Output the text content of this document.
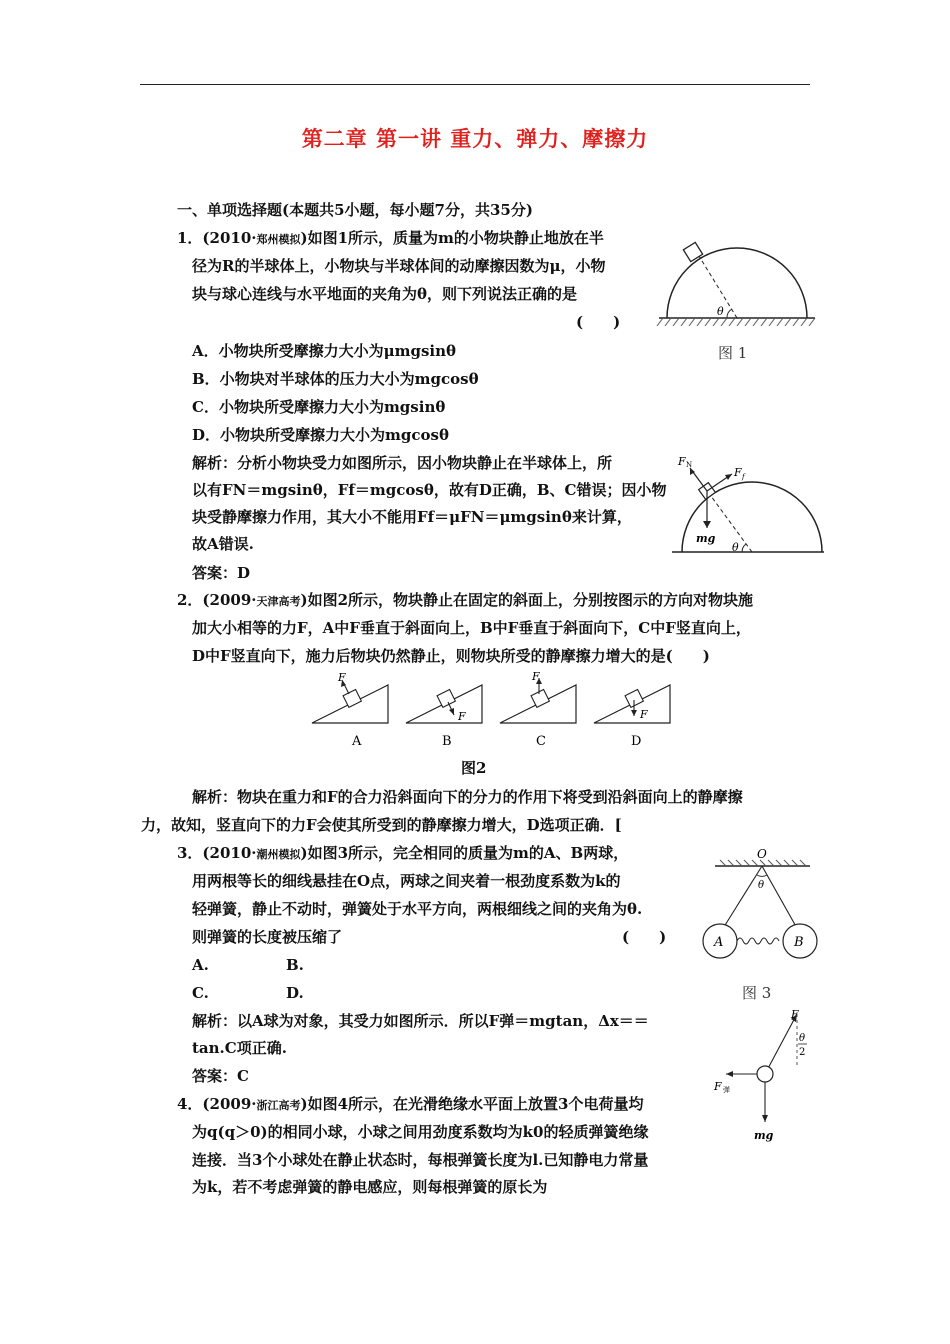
第二章 第一讲 重力、弹力、摩擦力
一、单项选择题(本题共5小题，每小题7分，共35分)
1．(2010·郑州模拟)如图1所示，质量为m的小物块静止地放在半
径为R的半球体上，小物块与半球体间的动摩擦因数为μ，小物
块与球心连线与水平地面的夹角为θ，则下列说法正确的是
(　　)
A．小物块所受摩擦力大小为μmgsinθ
B．小物块对半球体的压力大小为mgcosθ
C．小物块所受摩擦力大小为mgsinθ
D．小物块所受摩擦力大小为mgcosθ
解析：分析小物块受力如图所示，因小物块静止在半球体上，所
以有FN＝mgsinθ，Ff＝mgcosθ，故有D正确，B、C错误；因小物
块受静摩擦力作用，其大小不能用Ff＝μFN＝μmgsinθ来计算，
故A错误.
答案：D
θ
图 1
F N
F f
mg
θ
2．(2009·天津高考)如图2所示，物块静止在固定的斜面上，分别按图示的方向对物块施
加大小相等的力F，A中F垂直于斜面向上，B中F垂直于斜面向下，C中F竖直向上，
D中F竖直向下，施力后物块仍然静止，则物块所受的静摩擦力增大的是(　　)
F
A
F
B
F
C
F
D
图2
解析：物块在重力和F的合力沿斜面向下的分力的作用下将受到沿斜面向上的静摩擦
力，故知，竖直向下的力F会使其所受到的静摩擦力增大，D选项正确．[
3．(2010·潮州模拟)如图3所示，完全相同的质量为m的A、B两球，
用两根等长的细线悬挂在O点，两球之间夹着一根劲度系数为k的
轻弹簧，静止不动时，弹簧处于水平方向，两根细线之间的夹角为θ.
则弹簧的长度被压缩了	(　　)
A.	B.
C.	D.
解析：以A球为对象，其受力如图所示．所以F弹＝mgtan，Δx＝＝
tan.C项正确.
答案：C
O
θ
A	B
图 3
F
θ
2
F 弹
mg
4．(2009·浙江高考)如图4所示，在光滑绝缘水平面上放置3个电荷量均
为q(q＞0)的相同小球，小球之间用劲度系数均为k0的轻质弹簧绝缘
连接．当3个小球处在静止状态时，每根弹簧长度为l.已知静电力常量
为k，若不考虑弹簧的静电感应，则每根弹簧的原长为
